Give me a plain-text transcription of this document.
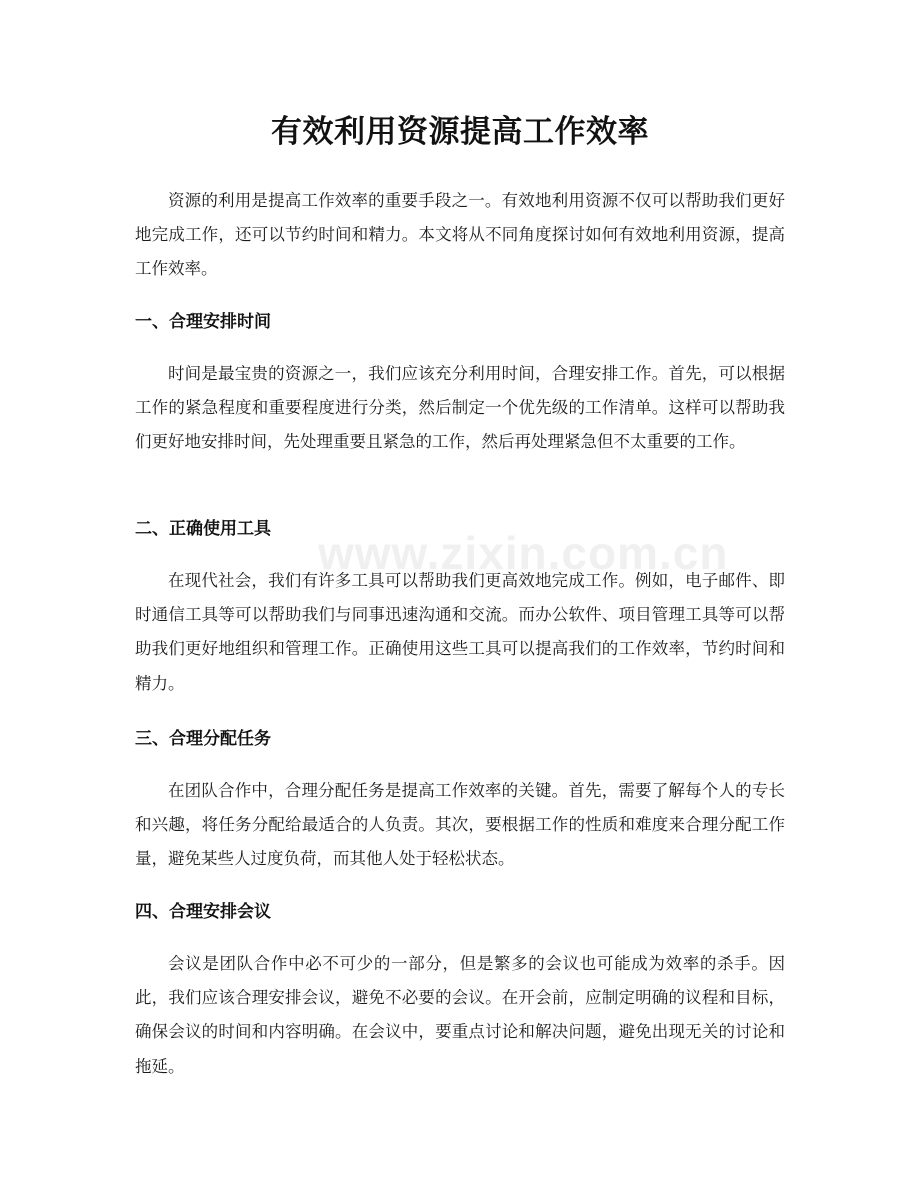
www.zixin.com.cn
有效利用资源提高工作效率

资源的利用是提高工作效率的重要手段之一。有效地利用资源不仅可以帮助我们更好地完成工作，还可以节约时间和精力。本文将从不同角度探讨如何有效地利用资源，提高工作效率。

一、合理安排时间

时间是最宝贵的资源之一，我们应该充分利用时间，合理安排工作。首先，可以根据工作的紧急程度和重要程度进行分类，然后制定一个优先级的工作清单。这样可以帮助我们更好地安排时间，先处理重要且紧急的工作，然后再处理紧急但不太重要的工作。

二、正确使用工具

在现代社会，我们有许多工具可以帮助我们更高效地完成工作。例如，电子邮件、即时通信工具等可以帮助我们与同事迅速沟通和交流。而办公软件、项目管理工具等可以帮助我们更好地组织和管理工作。正确使用这些工具可以提高我们的工作效率，节约时间和精力。

三、合理分配任务

在团队合作中，合理分配任务是提高工作效率的关键。首先，需要了解每个人的专长和兴趣，将任务分配给最适合的人负责。其次，要根据工作的性质和难度来合理分配工作量，避免某些人过度负荷，而其他人处于轻松状态。

四、合理安排会议

会议是团队合作中必不可少的一部分，但是繁多的会议也可能成为效率的杀手。因此，我们应该合理安排会议，避免不必要的会议。在开会前，应制定明确的议程和目标，确保会议的时间和内容明确。在会议中，要重点讨论和解决问题，避免出现无关的讨论和拖延。
